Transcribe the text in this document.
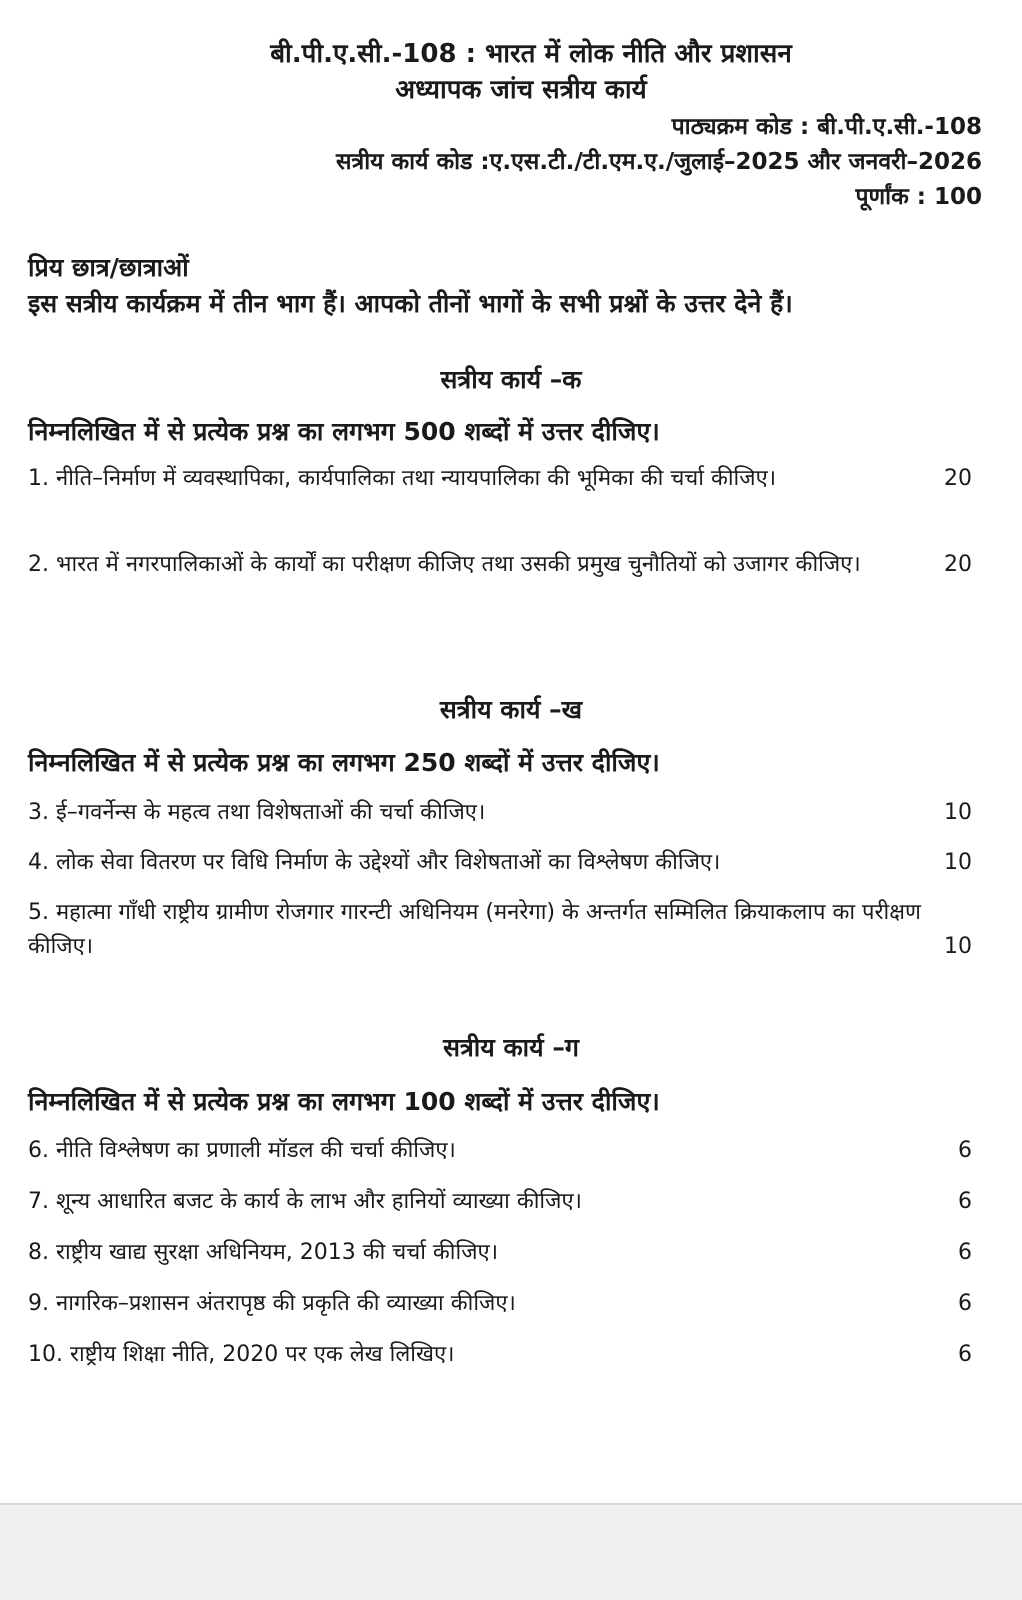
बी.पी.ए.सी.-108 : भारत में लोक नीति और प्रशासन
अध्यापक जांच सत्रीय कार्य
पाठ्यक्रम कोड : बी.पी.ए.सी.-108
सत्रीय कार्य कोड :ए.एस.टी./टी.एम.ए./जुलाई–2025 और जनवरी–2026
पूर्णांक : 100
प्रिय छात्र/छात्राओं
इस सत्रीय कार्यक्रम में तीन भाग हैं। आपको तीनों भागों के सभी प्रश्नों के उत्तर देने हैं।
सत्रीय कार्य –क
निम्नलिखित में से प्रत्येक प्रश्न का लगभग 500 शब्दों में उत्तर दीजिए।
1. नीति–निर्माण में व्यवस्थापिका, कार्यपालिका तथा न्यायपालिका की भूमिका की चर्चा कीजिए।	20
2. भारत में नगरपालिकाओं के कार्यों का परीक्षण कीजिए तथा उसकी प्रमुख चुनौतियों को उजागर कीजिए।	20
सत्रीय कार्य –ख
निम्नलिखित में से प्रत्येक प्रश्न का लगभग 250 शब्दों में उत्तर दीजिए।
3. ई–गवर्नेन्स के महत्व तथा विशेषताओं की चर्चा कीजिए।	10
4. लोक सेवा वितरण पर विधि निर्माण के उद्देश्यों और विशेषताओं का विश्लेषण कीजिए।	10
5. महात्मा गाँधी राष्ट्रीय ग्रामीण रोजगार गारन्टी अधिनियम (मनरेगा) के अन्तर्गत सम्मिलित क्रियाकलाप का परीक्षण कीजिए।	10
सत्रीय कार्य –ग
निम्नलिखित में से प्रत्येक प्रश्न का लगभग 100 शब्दों में उत्तर दीजिए।
6. नीति विश्लेषण का प्रणाली मॉडल की चर्चा कीजिए।	6
7. शून्य आधारित बजट के कार्य के लाभ और हानियों व्याख्या कीजिए।	6
8. राष्ट्रीय खाद्य सुरक्षा अधिनियम, 2013 की चर्चा कीजिए।	6
9. नागरिक–प्रशासन अंतरापृष्ठ की प्रकृति की व्याख्या कीजिए।	6
10. राष्ट्रीय शिक्षा नीति, 2020 पर एक लेख लिखिए।	6
